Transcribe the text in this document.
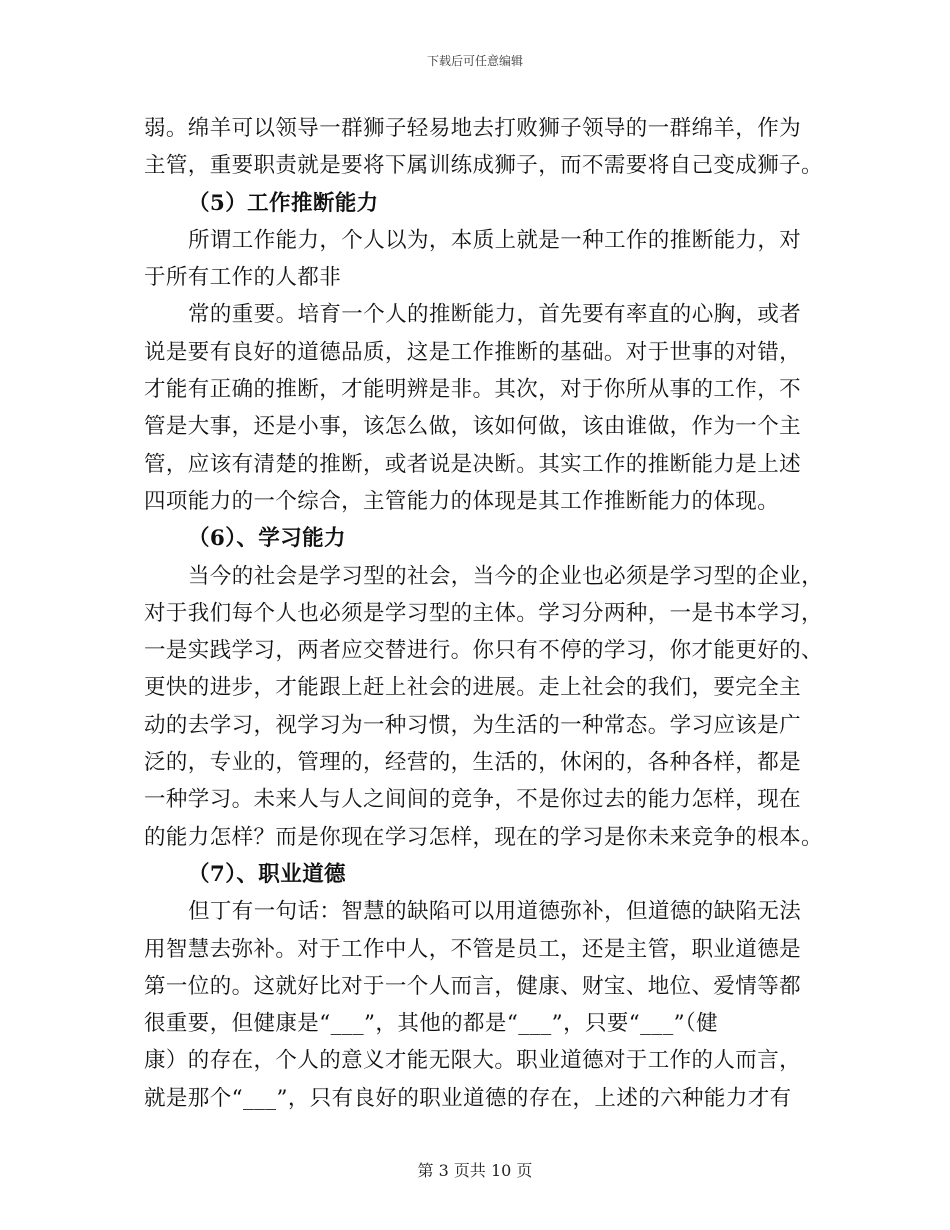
下载后可任意编辑
弱。绵羊可以领导一群狮子轻易地去打败狮子领导的一群绵羊，作为
主管，重要职责就是要将下属训练成狮子，而不需要将自己变成狮子。
（5）工作推断能力
所谓工作能力，个人以为，本质上就是一种工作的推断能力，对
于所有工作的人都非
常的重要。培育一个人的推断能力，首先要有率直的心胸，或者
说是要有良好的道德品质，这是工作推断的基础。对于世事的对错，
才能有正确的推断，才能明辨是非。其次，对于你所从事的工作，不
管是大事，还是小事，该怎么做，该如何做，该由谁做，作为一个主
管，应该有清楚的推断，或者说是决断。其实工作的推断能力是上述
四项能力的一个综合，主管能力的体现是其工作推断能力的体现。
（6）、学习能力
当今的社会是学习型的社会，当今的企业也必须是学习型的企业，
对于我们每个人也必须是学习型的主体。学习分两种，一是书本学习，
一是实践学习，两者应交替进行。你只有不停的学习，你才能更好的、
更快的进步，才能跟上赶上社会的进展。走上社会的我们，要完全主
动的去学习，视学习为一种习惯，为生活的一种常态。学习应该是广
泛的，专业的，管理的，经营的，生活的，休闲的，各种各样，都是
一种学习。未来人与人之间间的竞争，不是你过去的能力怎样，现在
的能力怎样？而是你现在学习怎样，现在的学习是你未来竞争的根本。
（7）、职业道德
但丁有一句话：智慧的缺陷可以用道德弥补，但道德的缺陷无法
用智慧去弥补。对于工作中人，不管是员工，还是主管，职业道德是
第一位的。这就好比对于一个人而言，健康、财宝、地位、爱情等都
很重要，但健康是“___”，其他的都是“___”，只要“___”（健
康）的存在，个人的意义才能无限大。职业道德对于工作的人而言，
就是那个“___”，只有良好的职业道德的存在，上述的六种能力才有
第 3 页共 10 页
